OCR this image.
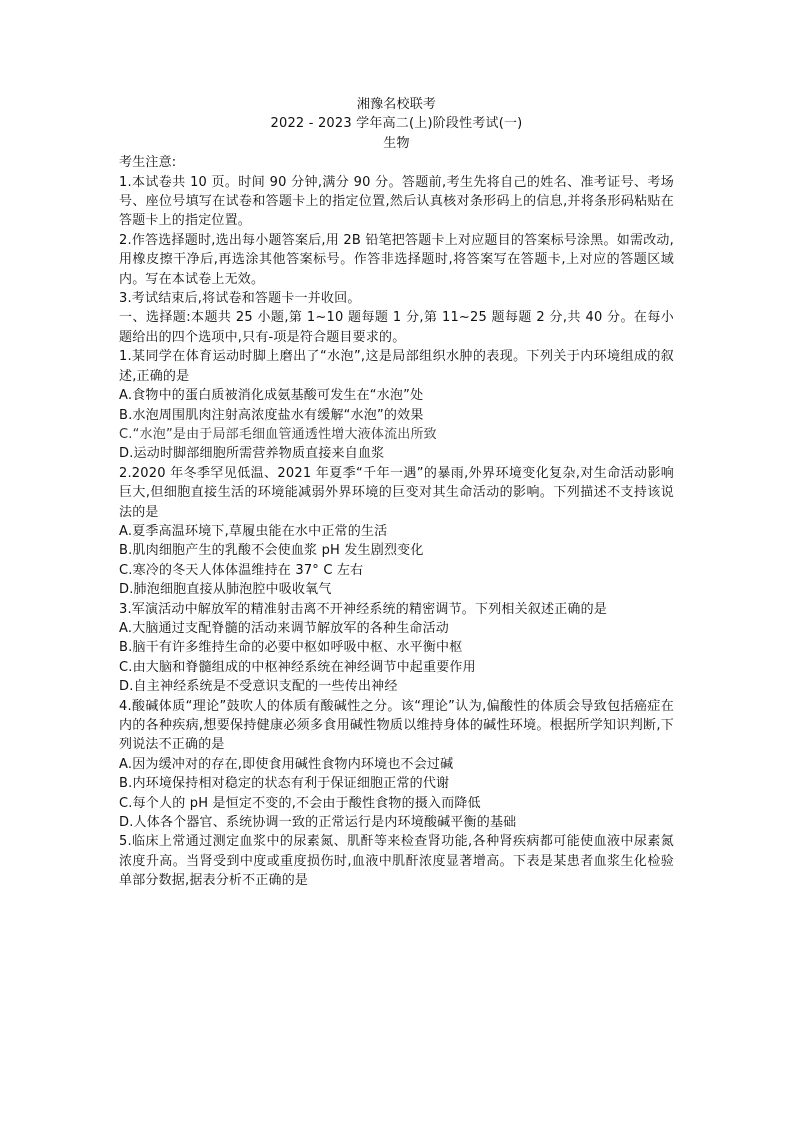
湘豫名校联考
2022 - 2023 学年高二(上)阶段性考试(一)
生物
考生注意:
1.本试卷共 10 页。时间 90 分钟,满分 90 分。答题前,考生先将自己的姓名、准考证号、考场号、座位号填写在试卷和答题卡上的指定位置,然后认真核对条形码上的信息,并将条形码粘贴在答题卡上的指定位置。
2.作答选择题时,选出每小题答案后,用 2B 铅笔把答题卡上对应题目的答案标号涂黑。如需改动,用橡皮擦干净后,再选涂其他答案标号。作答非选择题时,将答案写在答题卡,上对应的答题区域内。写在本试卷上无效。
3.考试结束后,将试卷和答题卡一并收回。
一、选择题:本题共 25 小题,第 1~10 题每题 1 分,第 11~25 题每题 2 分,共 40 分。在每小题给出的四个选项中,只有-项是符合题目要求的。
1.某同学在体育运动时脚上磨出了“水泡”,这是局部组织水肿的表现。下列关于内环境组成的叙述,正确的是
A.食物中的蛋白质被消化成氨基酸可发生在“水泡”处
B.水泡周围肌肉注射高浓度盐水有缓解“水泡”的效果
C.“水泡”是由于局部毛细血管通透性增大液体流出所致
D.运动时脚部细胞所需营养物质直接来自血浆
2.2020 年冬季罕见低温、2021 年夏季“千年一遇”的暴雨,外界环境变化复杂,对生命活动影响巨大,但细胞直接生活的环境能减弱外界环境的巨变对其生命活动的影响。下列描述不支持该说法的是
A.夏季高温环境下,草履虫能在水中正常的生活
B.肌肉细胞产生的乳酸不会使血浆 pH 发生剧烈变化
C.寒冷的冬天人体体温维持在 37° C 左右
D.肺泡细胞直接从肺泡腔中吸收氧气
3.军演活动中解放军的精准射击离不开神经系统的精密调节。下列相关叙述正确的是
A.大脑通过支配脊髓的活动来调节解放军的各种生命活动
B.脑干有许多维持生命的必要中枢如呼吸中枢、水平衡中枢
C.由大脑和脊髓组成的中枢神经系统在神经调节中起重要作用
D.自主神经系统是不受意识支配的一些传出神经
4.酸碱体质“理论”鼓吹人的体质有酸碱性之分。该“理论”认为,偏酸性的体质会导致包括癌症在内的各种疾病,想要保持健康必须多食用碱性物质以维持身体的碱性环境。根据所学知识判断,下列说法不正确的是
A.因为缓冲对的存在,即使食用碱性食物内环境也不会过碱
B.内环境保持相对稳定的状态有利于保证细胞正常的代谢
C.每个人的 pH 是恒定不变的,不会由于酸性食物的摄入而降低
D.人体各个器官、系统协调一致的正常运行是内环境酸碱平衡的基础
5.临床上常通过测定血浆中的尿素氮、肌酐等来检查肾功能,各种肾疾病都可能使血液中尿素氮浓度升高。当肾受到中度或重度损伤时,血液中肌酐浓度显著增高。下表是某患者血浆生化检验单部分数据,据表分析不正确的是
